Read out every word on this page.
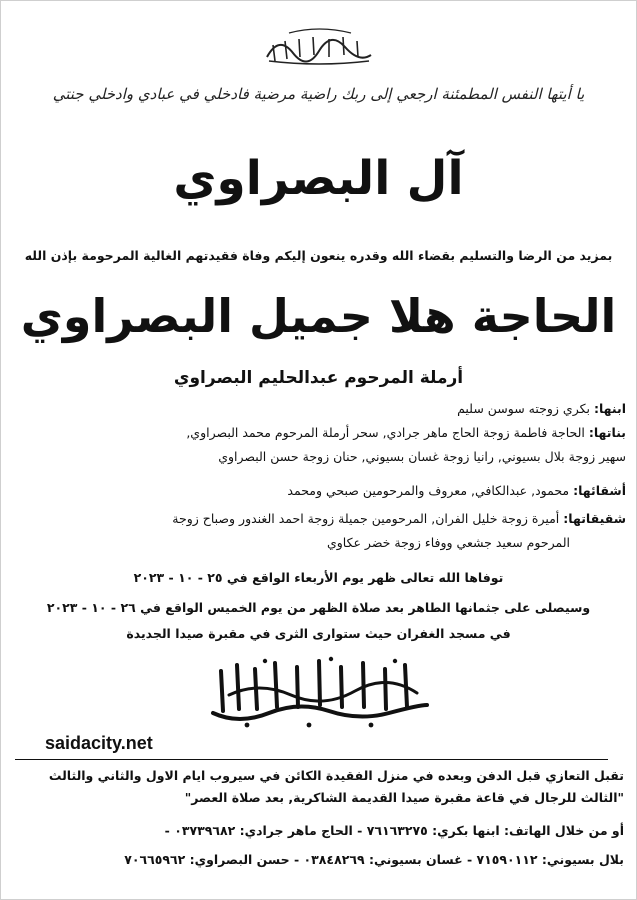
يا أيتها النفس المطمئنة ارجعي إلى ربك راضية مرضية فادخلي في عبادي وادخلي جنتي
آل البصراوي
بمزيد من الرضا والتسليم بقضاء الله وقدره ينعون إليكم وفاة فقيدتهم الغالية المرحومة بإذن الله
الحاجة هلا جميل البصراوي
أرملة المرحوم عبدالحليم البصراوي
ابنها: بكري زوجته سوسن سليم
بناتها: الحاجة فاطمة زوجة الحاج ماهر جرادي, سحر أرملة المرحوم محمد البصراوي,
سهير زوجة بلال بسيوني, رانيا زوجة غسان بسيوني, حنان زوجة حسن البصراوي
أشقائها: محمود, عبدالكافي, معروف والمرحومين صبحي ومحمد
شقيقاتها: أميرة زوجة خليل الفران, المرحومين جميلة زوجة احمد الغندور وصباح زوجة
المرحوم سعيد جشعي ووفاء زوجة خضر عكاوي
توفاها الله تعالى ظهر يوم الأربعاء الواقع في ٢٥ - ١٠ - ٢٠٢٣
وسيصلى على جثمانها الطاهر بعد صلاة الظهر من يوم الخميس الواقع في ٢٦ - ١٠ - ٢٠٢٣
في مسجد الغفران حيث ستوارى الثرى في مقبرة صيدا الجديدة
saidacity.net
تقبل التعازي قبل الدفن وبعده في منزل الفقيدة الكائن في سيروب ايام الاول والثاني والثالث
"الثالث للرجال في قاعة مقبرة صيدا القديمة الشاكرية, بعد صلاة العصر"
أو من خلال الهاتف: ابنها بكري: ٧٦١٦٣٢٧٥ - الحاج ماهر جرادي: ٠٣٧٣٩٦٨٢ -
بلال بسيوني: ٧١٥٩٠١١٢ - غسان بسيوني: ٠٣٨٤٨٢٦٩ - حسن البصراوي: ٧٠٦٦٥٩٦٢
